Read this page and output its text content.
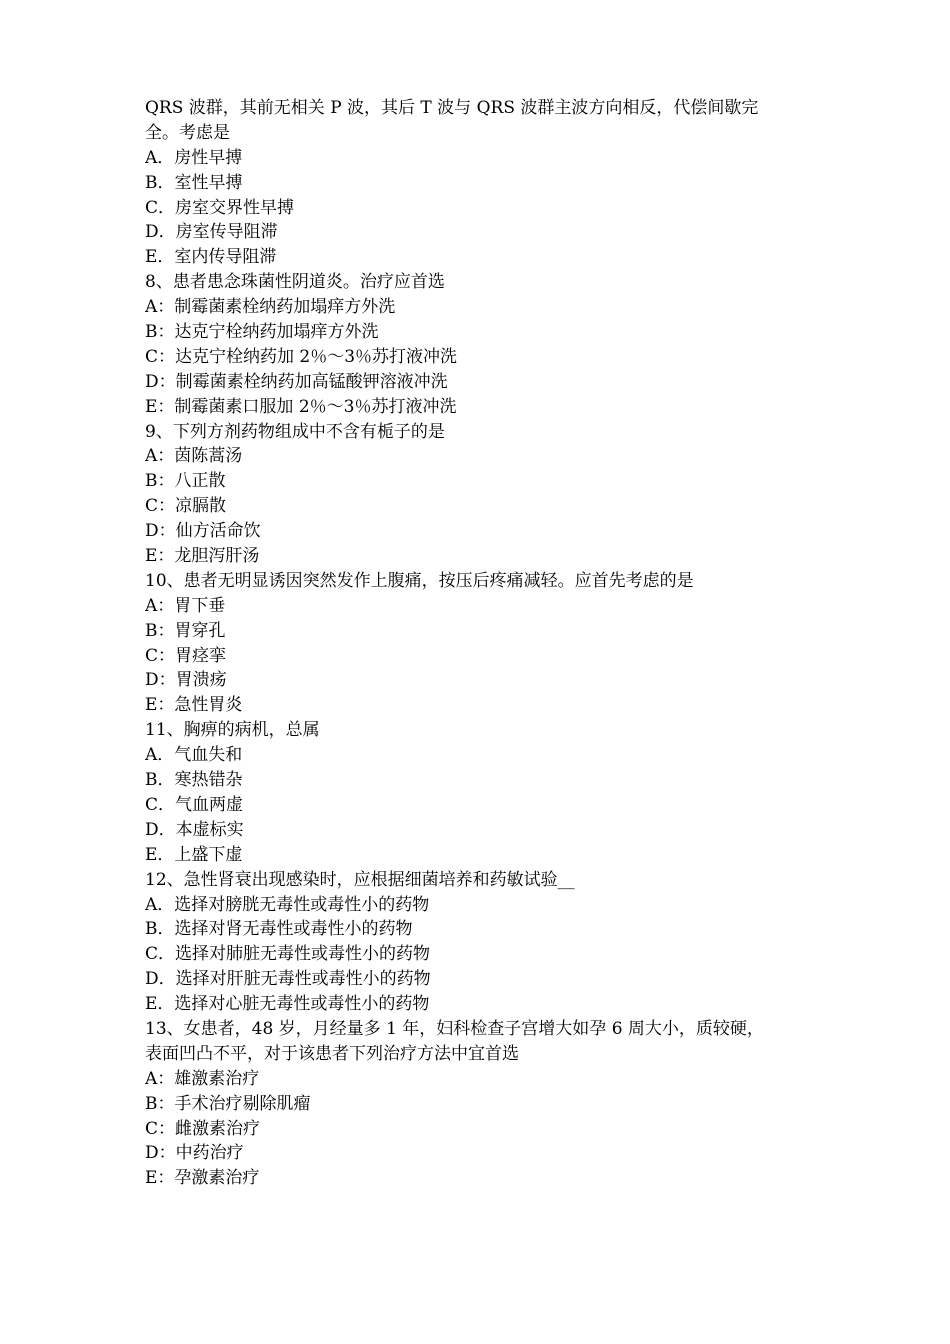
QRS 波群，其前无相关 P 波，其后 T 波与 QRS 波群主波方向相反，代偿间歇完
全。考虑是
A．房性早搏
B．室性早搏
C．房室交界性早搏
D．房室传导阻滞
E．室内传导阻滞
8、患者患念珠菌性阴道炎。治疗应首选
A：制霉菌素栓纳药加塌痒方外洗
B：达克宁栓纳药加塌痒方外洗
C：达克宁栓纳药加 2％～3％苏打液冲洗
D：制霉菌素栓纳药加高锰酸钾溶液冲洗
E：制霉菌素口服加 2％～3％苏打液冲洗
9、下列方剂药物组成中不含有栀子的是
A：茵陈蒿汤
B：八正散
C：凉膈散
D：仙方活命饮
E：龙胆泻肝汤
10、患者无明显诱因突然发作上腹痛，按压后疼痛减轻。应首先考虑的是
A：胃下垂
B：胃穿孔
C：胃痉挛
D：胃溃疡
E：急性胃炎
11、胸痹的病机，总属
A．气血失和
B．寒热错杂
C．气血两虚
D．本虚标实
E．上盛下虚
12、急性肾衰出现感染时，应根据细菌培养和药敏试验__
A．选择对膀胱无毒性或毒性小的药物
B．选择对肾无毒性或毒性小的药物
C．选择对肺脏无毒性或毒性小的药物
D．选择对肝脏无毒性或毒性小的药物
E．选择对心脏无毒性或毒性小的药物
13、女患者，48 岁，月经量多 1 年，妇科检查子宫增大如孕 6 周大小，质较硬，
表面凹凸不平，对于该患者下列治疗方法中宜首选
A：雄激素治疗
B：手术治疗剔除肌瘤
C：雌激素治疗
D：中药治疗
E：孕激素治疗
